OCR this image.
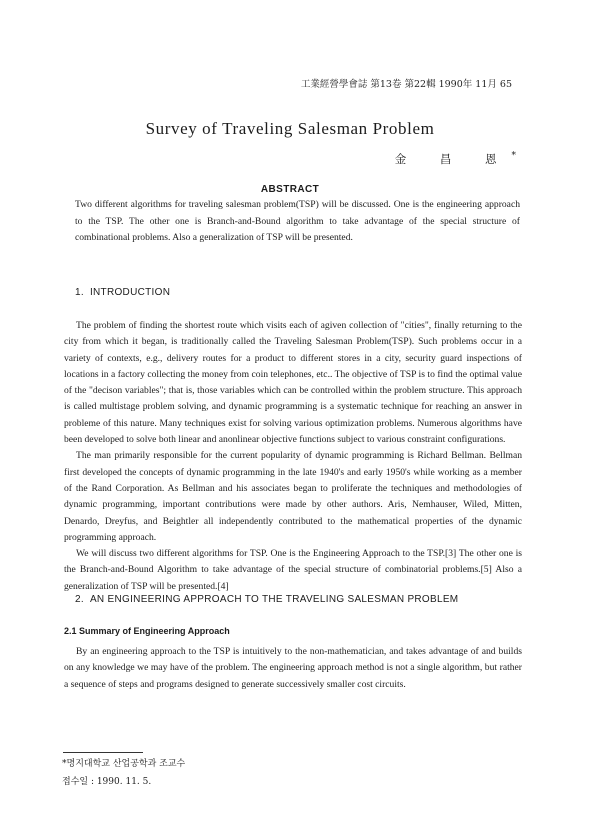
工業經營學會誌 第13卷 第22輯 1990年 11月 65
Survey of Traveling Salesman Problem
金 昌 恩*
ABSTRACT
Two different algorithms for traveling salesman problem(TSP) will be discussed. One is the engineering approach to the TSP. The other one is Branch-and-Bound algorithm to take advantage of the special structure of combinational problems. Also a generalization of TSP will be presented.
1. INTRODUCTION

The problem of finding the shortest route which visits each of agiven collection of "cities", finally returning to the city from which it began, is traditionally called the Traveling Salesman Problem(TSP). Such problems occur in a variety of contexts, e.g., delivery routes for a product to different stores in a city, security guard inspections of locations in a factory collecting the money from coin telephones, etc.. The objective of TSP is to find the optimal value of the "decison variables"; that is, those variables which can be controlled within the problem structure. This approach is called multistage problem solving, and dynamic programming is a systematic technique for reaching an answer in probleme of this nature. Many techniques exist for solving various optimization problems. Numerous algorithms have been developed to solve both linear and anonlinear objective functions subject to various constraint configurations.

The man primarily responsible for the current popularity of dynamic programming is Richard Bellman. Bellman first developed the concepts of dynamic programming in the late 1940's and early 1950's while working as a member of the Rand Corporation. As Bellman and his associates began to proliferate the techniques and methodologies of dynamic programming, important contributions were made by other authors. Aris, Nemhauser, Wiled, Mitten, Denardo, Dreyfus, and Beightler all independently contributed to the mathematical properties of the dynamic programming approach.

We will discuss two different algorithms for TSP. One is the Engineering Approach to the TSP.[3] The other one is the Branch-and-Bound Algorithm to take advantage of the special structure of combinatorial problems.[5] Also a generalization of TSP will be presented.[4]

2. AN ENGINEERING APPROACH TO THE TRAVELING SALESMAN PROBLEM
2.1 Summary of Engineering Approach

By an engineering approach to the TSP is intuitively to the non-mathematician, and takes advantage of and builds on any knowledge we may have of the problem. The engineering approach method is not a single algorithm, but rather a sequence of steps and programs designed to generate successively smaller cost circuits.

*명지대학교 산업공학과 조교수
접수일 : 1990. 11. 5.
